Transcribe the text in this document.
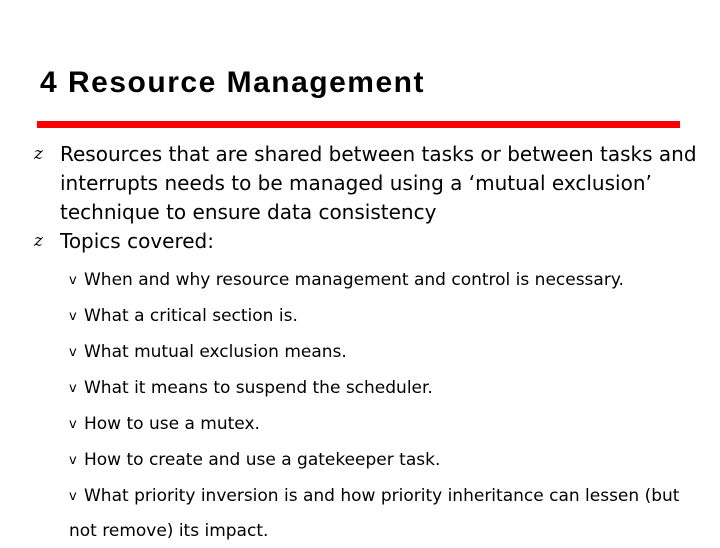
4 Resource Management
z Resources that are shared between tasks or between tasks and interrupts needs to be managed using a ‘mutual exclusion’ technique to ensure data consistency
z Topics covered:
v When and why resource management and control is necessary.
v What a critical section is.
v What mutual exclusion means.
v What it means to suspend the scheduler.
v How to use a mutex.
v How to create and use a gatekeeper task.
v What priority inversion is and how priority inheritance can lessen (but not remove) its impact.
